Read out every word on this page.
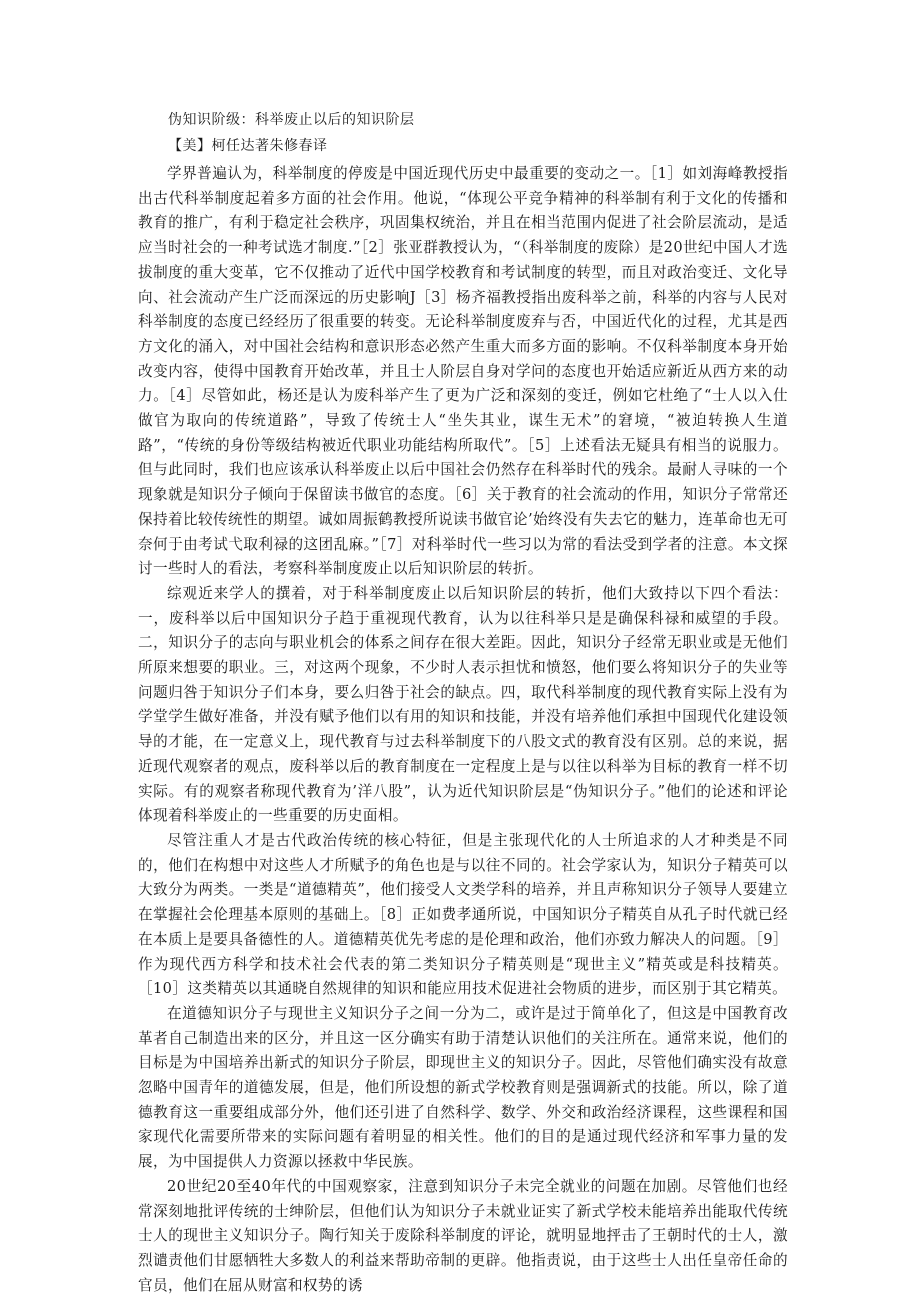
伪知识阶级：科举废止以后的知识阶层
【美】柯任达著朱修春译

学界普遍认为，科举制度的停废是中国近现代历史中最重要的变动之一。［1］如刘海峰教授指出古代科举制度起着多方面的社会作用。他说，“体现公平竞争精神的科举制有利于文化的传播和教育的推广，有利于稳定社会秩序，巩固集权统治，并且在相当范围内促进了社会阶层流动，是适应当时社会的一种考试选才制度.”［2］张亚群教授认为，“（科举制度的废除）是20世纪中国人才选拔制度的重大变革，它不仅推动了近代中国学校教育和考试制度的转型，而且对政治变迁、文化导向、社会流动产生广泛而深远的历史影响J［3］杨齐福教授指出废科举之前，科举的内容与人民对科举制度的态度已经经历了很重要的转变。无论科举制度废弃与否，中国近代化的过程，尤其是西方文化的涌入，对中国社会结构和意识形态必然产生重大而多方面的影响。不仅科举制度本身开始改变内容，使得中国教育开始改革，并且士人阶层自身对学问的态度也开始适应新近从西方来的动力。［4］尽管如此，杨还是认为废科举产生了更为广泛和深刻的变迁，例如它杜绝了“士人以入仕做官为取向的传统道路”，导致了传统士人“坐失其业，谋生无术”的窘境，“被迫转换人生道路”，“传统的身份等级结构被近代职业功能结构所取代”。［5］上述看法无疑具有相当的说服力。但与此同时，我们也应该承认科举废止以后中国社会仍然存在科举时代的残余。最耐人寻味的一个现象就是知识分子倾向于保留读书做官的态度。［6］关于教育的社会流动的作用，知识分子常常还保持着比较传统性的期望。诚如周振鹤教授所说读书做官论’始终没有失去它的魅力，连革命也无可奈何于由考试弋取利禄的这团乱麻。”［7］对科举时代一些习以为常的看法受到学者的注意。本文探讨一些时人的看法，考察科举制度废止以后知识阶层的转折。

综观近来学人的撰着，对于科举制度废止以后知识阶层的转折，他们大致持以下四个看法：一，废科举以后中国知识分子趋于重视现代教育，认为以往科举只是是确保科禄和威望的手段。二，知识分子的志向与职业机会的体系之间存在很大差距。因此，知识分子经常无职业或是无他们所原来想要的职业。三，对这两个现象，不少时人表示担忧和愤怒，他们要么将知识分子的失业等问题归咎于知识分子们本身，要么归咎于社会的缺点。四，取代科举制度的现代教育实际上没有为学堂学生做好准备，并没有赋予他们以有用的知识和技能，并没有培养他们承担中国现代化建设领导的才能，在一定意义上，现代教育与过去科举制度下的八股文式的教育没有区别。总的来说，据近现代观察者的观点，废科举以后的教育制度在一定程度上是与以往以科举为目标的教育一样不切实际。有的观察者称现代教育为’洋八股”，认为近代知识阶层是“伪知识分子。”他们的论述和评论体现着科举废止的一些重要的历史面相。

尽管注重人才是古代政治传统的核心特征，但是主张现代化的人士所追求的人才种类是不同的，他们在构想中对这些人才所赋予的角色也是与以往不同的。社会学家认为，知识分子精英可以大致分为两类。一类是“道德精英”，他们接受人文类学科的培养，并且声称知识分子领导人要建立在掌握社会伦理基本原则的基础上。［8］正如费孝通所说，中国知识分子精英自从孔子时代就已经在本质上是要具备德性的人。道德精英优先考虑的是伦理和政治，他们亦致力解决人的问题。［9］作为现代西方科学和技术社会代表的第二类知识分子精英则是“现世主义”精英或是科技精英。［10］这类精英以其通晓自然规律的知识和能应用技术促进社会物质的进步，而区别于其它精英。

在道德知识分子与现世主义知识分子之间一分为二，或许是过于简单化了，但这是中国教育改革者自己制造出来的区分，并且这一区分确实有助于清楚认识他们的关注所在。通常来说，他们的目标是为中国培养出新式的知识分子阶层，即现世主义的知识分子。因此，尽管他们确实没有故意忽略中国青年的道德发展，但是，他们所设想的新式学校教育则是强调新式的技能。所以，除了道德教育这一重要组成部分外，他们还引进了自然科学、数学、外交和政治经济课程，这些课程和国家现代化需要所带来的实际问题有着明显的相关性。他们的目的是通过现代经济和军事力量的发展，为中国提供人力资源以拯救中华民族。

20世纪20至40年代的中国观察家，注意到知识分子未完全就业的问题在加剧。尽管他们也经常深刻地批评传统的士绅阶层，但他们认为知识分子未就业证实了新式学校未能培养出能取代传统士人的现世主义知识分子。陶行知关于废除科举制度的评论，就明显地抨击了王朝时代的士人，激烈谴责他们甘愿牺牲大多数人的利益来帮助帝制的更辟。他指责说，由于这些士人出任皇帝任命的官员，他们在屈从财富和权势的诱
